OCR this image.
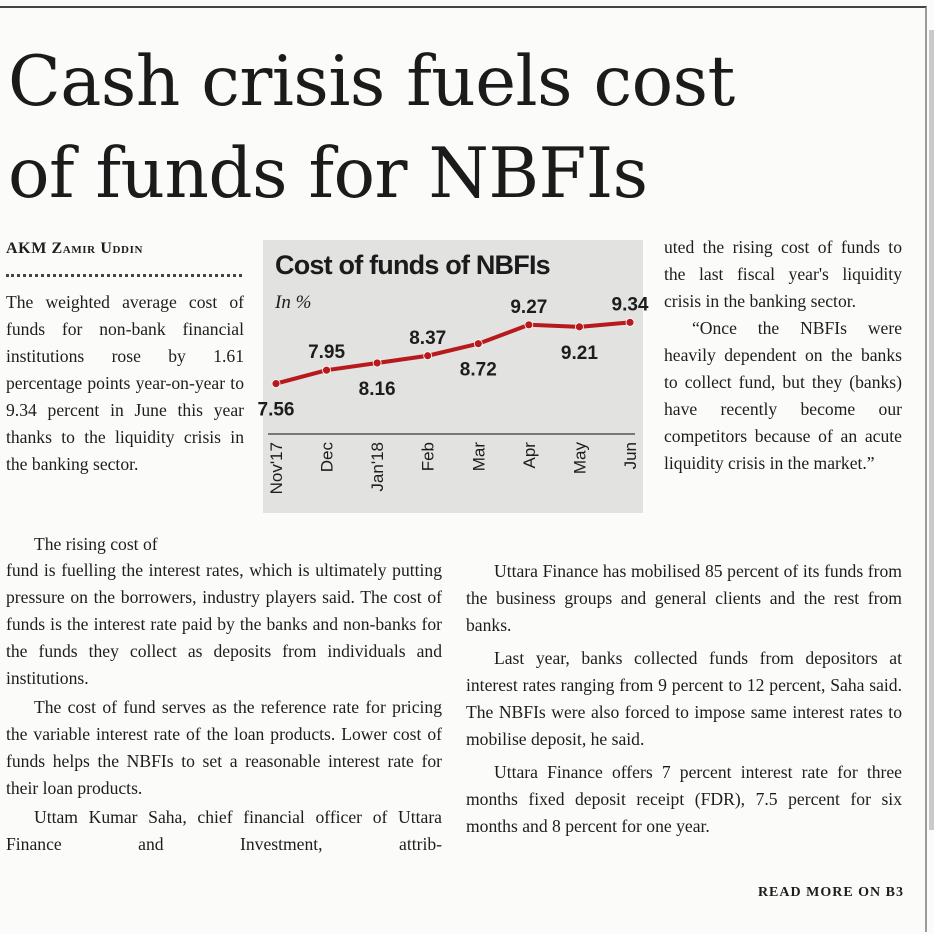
Cash crisis fuels cost
of funds for NBFIs
AKM Zamir Uddin

The weighted average cost of funds for non-bank financial institutions rose by 1.61 percentage points year-on-year to 9.34 percent in June this year thanks to the liquidity crisis in the banking sector.

The rising cost of

fund is fuelling the interest rates, which is ultimately putting pressure on the borrowers, industry players said. The cost of funds is the interest rate paid by the banks and non-banks for the funds they collect as deposits from individuals and institutions.

The cost of fund serves as the reference rate for pricing the variable interest rate of the loan products. Lower cost of funds helps the NBFIs to set a reasonable interest rate for their loan products.

Uttam Kumar Saha, chief financial officer of Uttara Finance and Investment, attrib-

uted the rising cost of funds to the last fiscal year's liquidity crisis in the banking sector.

“Once the NBFIs were heavily dependent on the banks to collect fund, but they (banks) have recently become our competitors because of an acute liquidity crisis in the market.”

Uttara Finance has mobilised 85 percent of its funds from the business groups and general clients and the rest from banks.

Last year, banks collected funds from depositors at interest rates ranging from 9 percent to 12 percent, Saha said. The NBFIs were also forced to impose same interest rates to mobilise deposit, he said.

Uttara Finance offers 7 percent interest rate for three months fixed deposit receipt (FDR), 7.5 percent for six months and 8 percent for one year.

READ MORE ON B3
Cost of funds of NBFIs
In %
7.56
Nov'17
7.95
Dec
8.16
Jan'18
8.37
Feb
8.72
Mar
9.27
Apr
9.21
May
9.34
Jun
